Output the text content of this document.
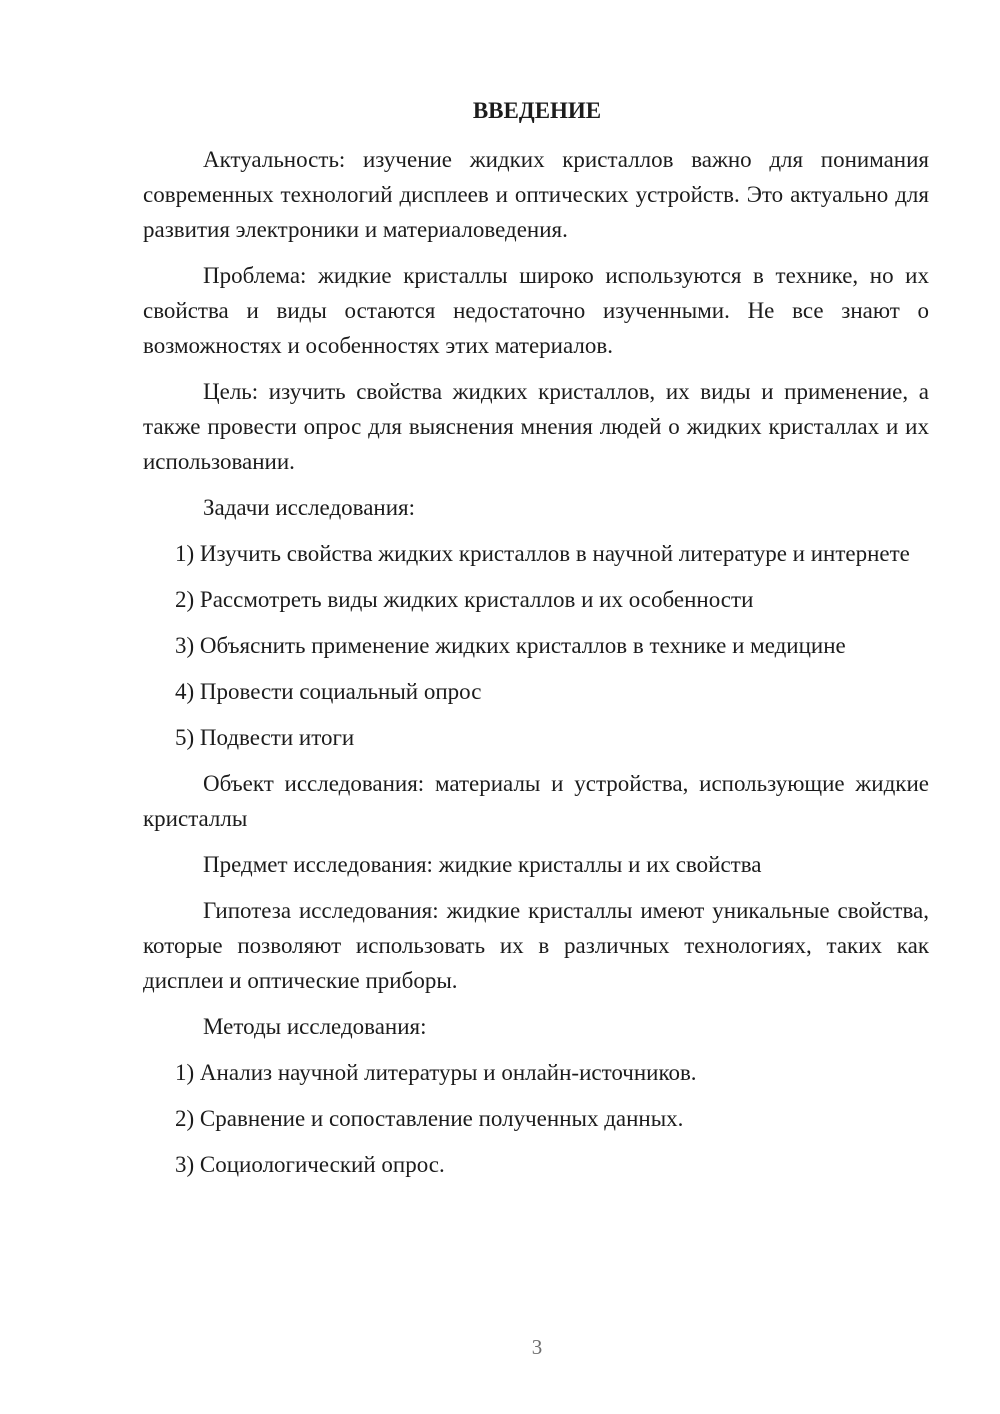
ВВЕДЕНИЕ

Актуальность: изучение жидких кристаллов важно для понимания современных технологий дисплеев и оптических устройств. Это актуально для развития электроники и материаловедения.

Проблема: жидкие кристаллы широко используются в технике, но их свойства и виды остаются недостаточно изученными. Не все знают о возможностях и особенностях этих материалов.

Цель: изучить свойства жидких кристаллов, их виды и применение, а также провести опрос для выяснения мнения людей о жидких кристаллах и их использовании.

Задачи исследования:

1) Изучить свойства жидких кристаллов в научной литературе и интернете

2) Рассмотреть виды жидких кристаллов и их особенности

3) Объяснить применение жидких кристаллов в технике и медицине

4) Провести социальный опрос

5) Подвести итоги

Объект исследования: материалы и устройства, использующие жидкие кристаллы

Предмет исследования: жидкие кристаллы и их свойства

Гипотеза исследования: жидкие кристаллы имеют уникальные свойства, которые позволяют использовать их в различных технологиях, таких как дисплеи и оптические приборы.

Методы исследования:

1) Анализ научной литературы и онлайн-источников.

2) Сравнение и сопоставление полученных данных.

3) Социологический опрос.

3
